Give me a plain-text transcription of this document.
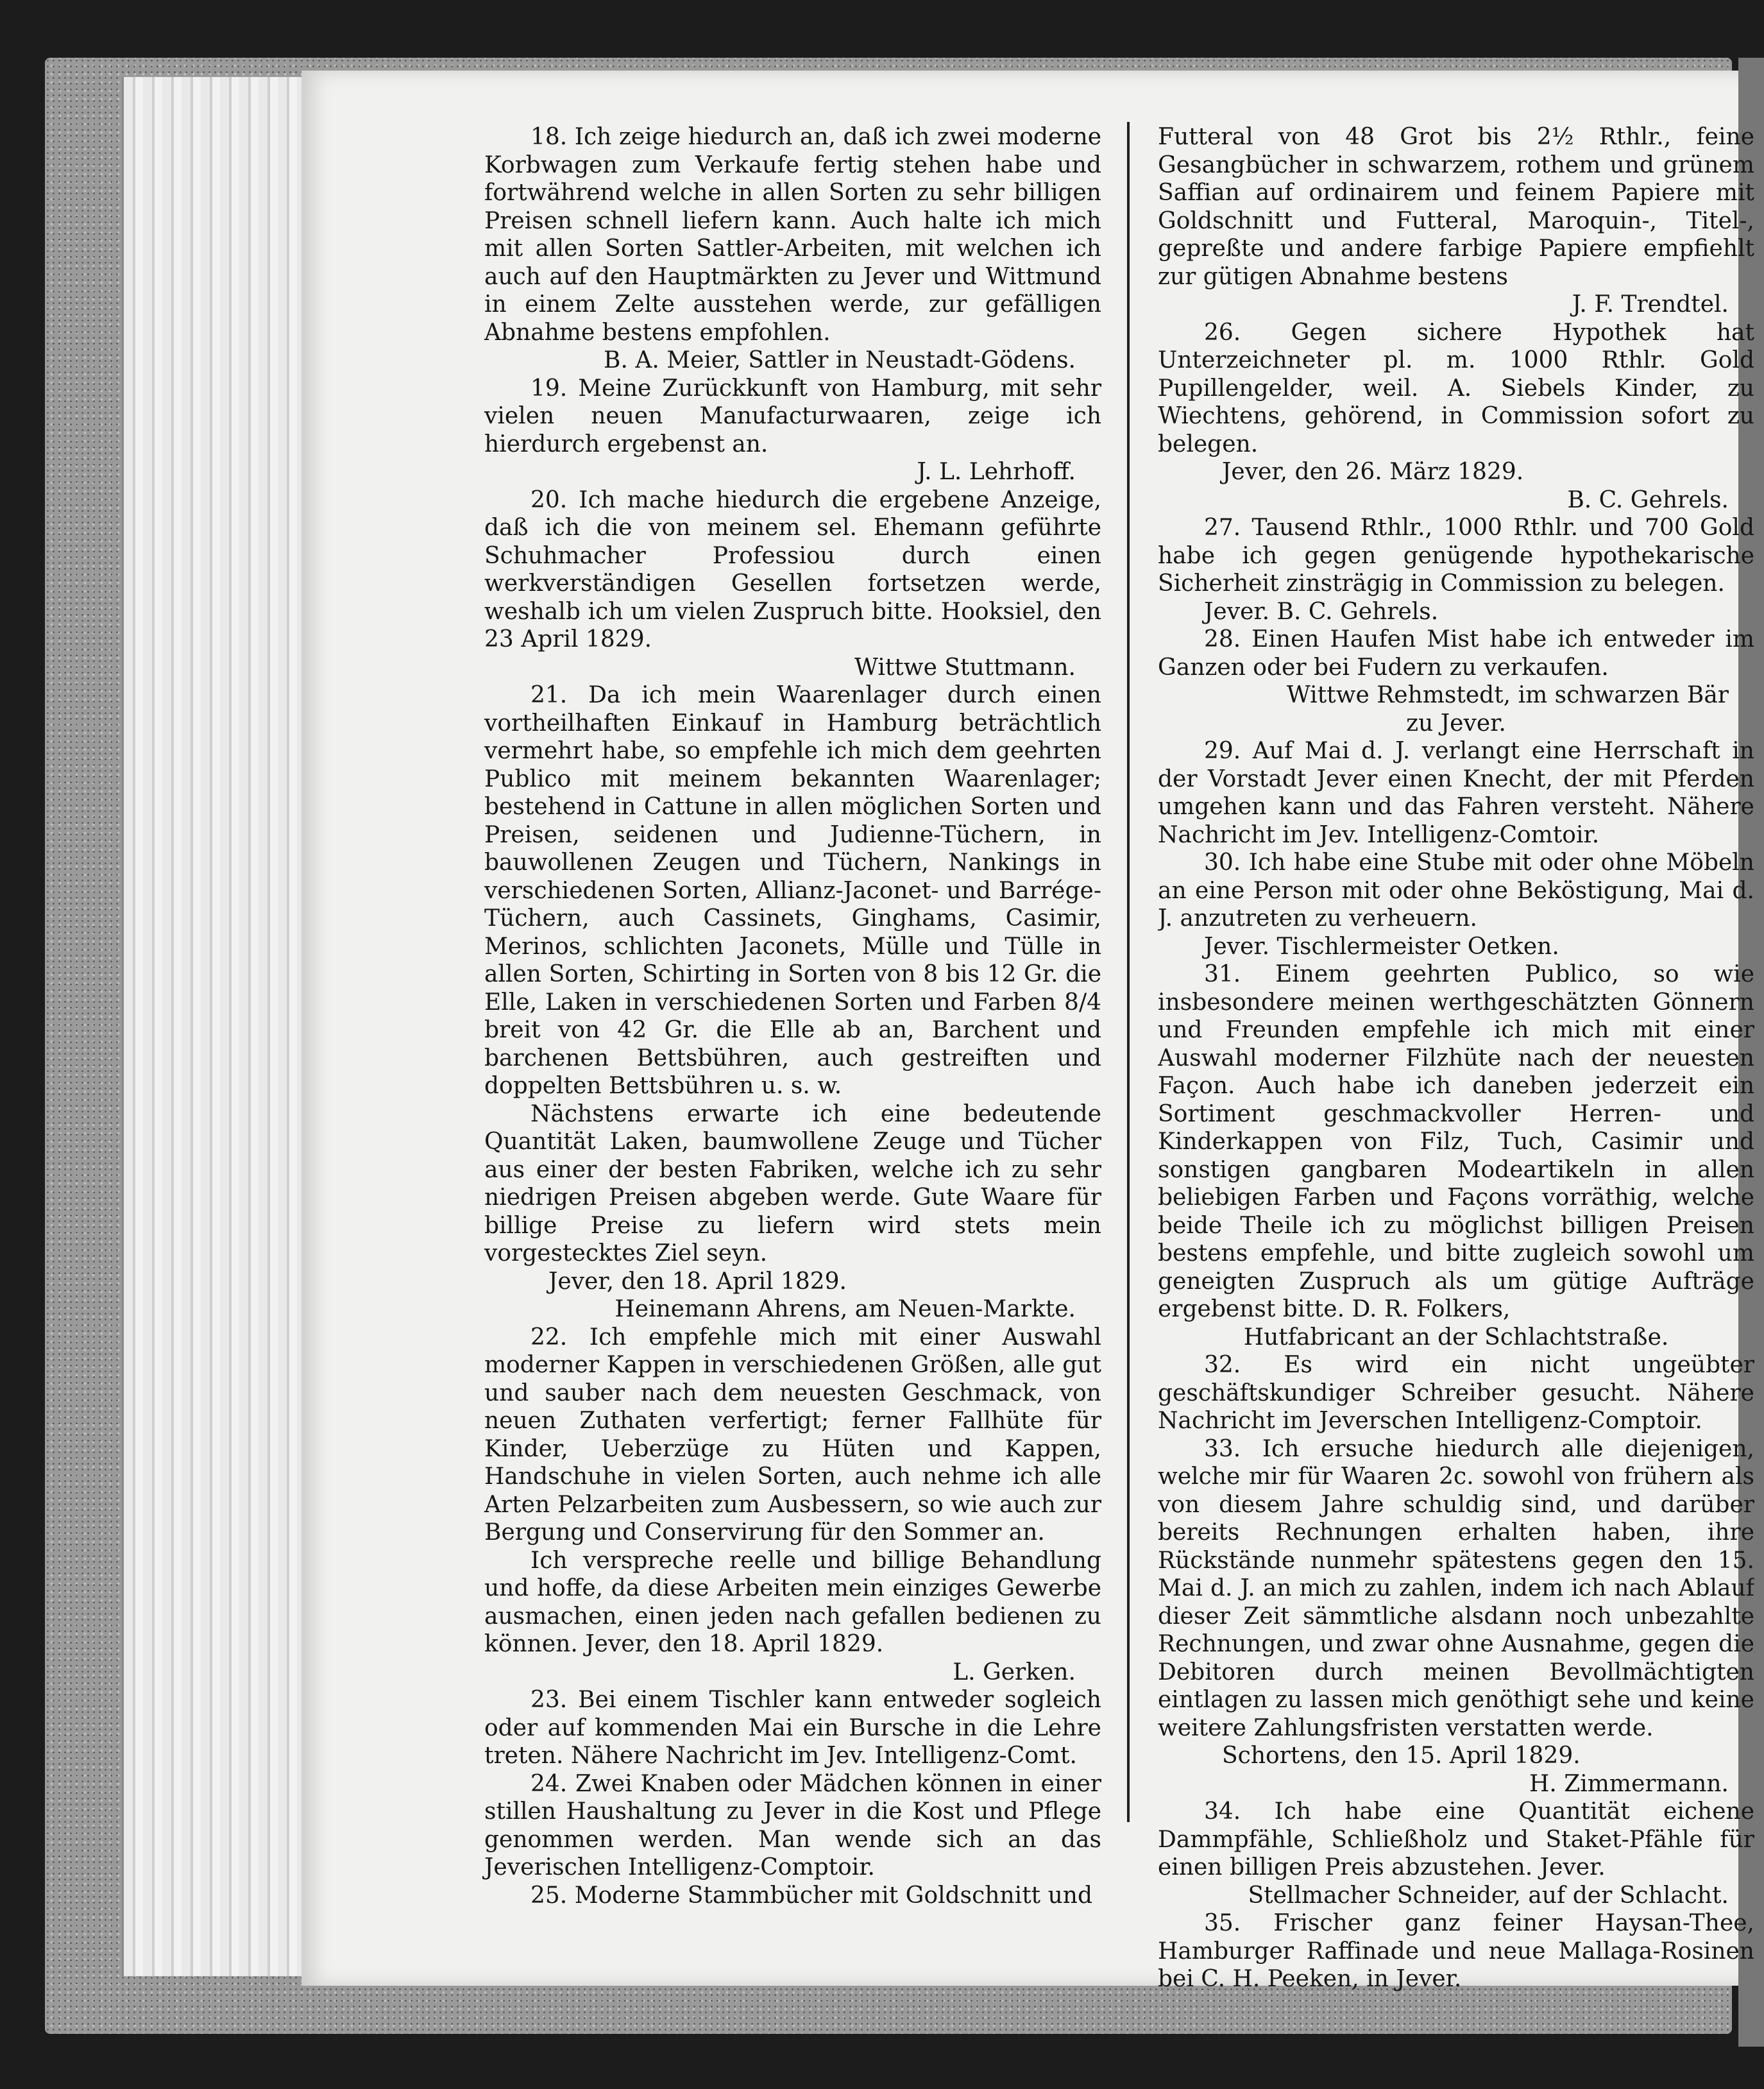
18. Ich zeige hiedurch an, daß ich zwei moderne Korbwagen zum Verkaufe fertig stehen habe und fortwährend welche in allen Sorten zu sehr billigen Preisen schnell liefern kann. Auch halte ich mich mit allen Sorten Sattler-Arbeiten, mit welchen ich auch auf den Hauptmärkten zu Jever und Wittmund in einem Zelte ausstehen werde, zur gefälligen Abnahme bestens empfohlen.
B. A. Meier, Sattler in Neustadt-Gödens.
19. Meine Zurückkunft von Hamburg, mit sehr vielen neuen Manufacturwaaren, zeige ich hierdurch ergebenst an.
J. L. Lehrhoff.
20. Ich mache hiedurch die ergebene Anzeige, daß ich die von meinem sel. Ehemann geführte Schuhmacher Professiou durch einen werkverständigen Gesellen fortsetzen werde, weshalb ich um vielen Zuspruch bitte. Hooksiel, den 23 April 1829.
Wittwe Stuttmann.
21. Da ich mein Waarenlager durch einen vortheilhaften Einkauf in Hamburg beträchtlich vermehrt habe, so empfehle ich mich dem geehrten Publico mit meinem bekannten Waarenlager; bestehend in Cattune in allen möglichen Sorten und Preisen, seidenen und Judienne-Tüchern, in bauwollenen Zeugen und Tüchern, Nankings in verschiedenen Sorten, Allianz-Jaconet- und Barrége-Tüchern, auch Cassinets, Ginghams, Casimir, Merinos, schlichten Jaconets, Mülle und Tülle in allen Sorten, Schirting in Sorten von 8 bis 12 Gr. die Elle, Laken in verschiedenen Sorten und Farben 8/4 breit von 42 Gr. die Elle ab an, Barchent und barchenen Bettsbühren, auch gestreiften und doppelten Bettsbühren u. s. w.
Nächstens erwarte ich eine bedeutende Quantität Laken, baumwollene Zeuge und Tücher aus einer der besten Fabriken, welche ich zu sehr niedrigen Preisen abgeben werde. Gute Waare für billige Preise zu liefern wird stets mein vorgestecktes Ziel seyn.
Jever, den 18. April 1829.
Heinemann Ahrens, am Neuen-Markte.
22. Ich empfehle mich mit einer Auswahl moderner Kappen in verschiedenen Größen, alle gut und sauber nach dem neuesten Geschmack, von neuen Zuthaten verfertigt; ferner Fallhüte für Kinder, Ueberzüge zu Hüten und Kappen, Handschuhe in vielen Sorten, auch nehme ich alle Arten Pelzarbeiten zum Ausbessern, so wie auch zur Bergung und Conservirung für den Sommer an.
Ich verspreche reelle und billige Behandlung und hoffe, da diese Arbeiten mein einziges Gewerbe ausmachen, einen jeden nach gefallen bedienen zu können. Jever, den 18. April 1829.
L. Gerken.
23. Bei einem Tischler kann entweder sogleich oder auf kommenden Mai ein Bursche in die Lehre treten. Nähere Nachricht im Jev. Intelligenz-Comt.
24. Zwei Knaben oder Mädchen können in einer stillen Haushaltung zu Jever in die Kost und Pflege genommen werden. Man wende sich an das Jeverischen Intelligenz-Comptoir.
25. Moderne Stammbücher mit Goldschnitt und
Futteral von 48 Grot bis 2½ Rthlr., feine Gesangbücher in schwarzem, rothem und grünem Saffian auf ordinairem und feinem Papiere mit Goldschnitt und Futteral, Maroquin-, Titel-, gepreßte und andere farbige Papiere empfiehlt zur gütigen Abnahme bestens
J. F. Trendtel.
26. Gegen sichere Hypothek hat Unterzeichneter pl. m. 1000 Rthlr. Gold Pupillengelder, weil. A. Siebels Kinder, zu Wiechtens, gehörend, in Commission sofort zu belegen.
Jever, den 26. März 1829.
B. C. Gehrels.
27. Tausend Rthlr., 1000 Rthlr. und 700 Gold habe ich gegen genügende hypothekarische Sicherheit zinsträgig in Commission zu belegen.
Jever. B. C. Gehrels.
28. Einen Haufen Mist habe ich entweder im Ganzen oder bei Fudern zu verkaufen.
Wittwe Rehmstedt, im schwarzen Bär
zu Jever.
29. Auf Mai d. J. verlangt eine Herrschaft in der Vorstadt Jever einen Knecht, der mit Pferden umgehen kann und das Fahren versteht. Nähere Nachricht im Jev. Intelligenz-Comtoir.
30. Ich habe eine Stube mit oder ohne Möbeln an eine Person mit oder ohne Beköstigung, Mai d. J. anzutreten zu verheuern.
Jever. Tischlermeister Oetken.
31. Einem geehrten Publico, so wie insbesondere meinen werthgeschätzten Gönnern und Freunden empfehle ich mich mit einer Auswahl moderner Filzhüte nach der neuesten Façon. Auch habe ich daneben jederzeit ein Sortiment geschmackvoller Herren- und Kinderkappen von Filz, Tuch, Casimir und sonstigen gangbaren Modeartikeln in allen beliebigen Farben und Façons vorräthig, welche beide Theile ich zu möglichst billigen Preisen bestens empfehle, und bitte zugleich sowohl um geneigten Zuspruch als um gütige Aufträge ergebenst bitte. D. R. Folkers,
Hutfabricant an der Schlachtstraße.
32. Es wird ein nicht ungeübter geschäftskundiger Schreiber gesucht. Nähere Nachricht im Jeverschen Intelligenz-Comptoir.
33. Ich ersuche hiedurch alle diejenigen, welche mir für Waaren 2c. sowohl von frühern als von diesem Jahre schuldig sind, und darüber bereits Rechnungen erhalten haben, ihre Rückstände nunmehr spätestens gegen den 15. Mai d. J. an mich zu zahlen, indem ich nach Ablauf dieser Zeit sämmtliche alsdann noch unbezahlte Rechnungen, und zwar ohne Ausnahme, gegen die Debitoren durch meinen Bevollmächtigten eintlagen zu lassen mich genöthigt sehe und keine weitere Zahlungsfristen verstatten werde.
Schortens, den 15. April 1829.
H. Zimmermann.
34. Ich habe eine Quantität eichene Dammpfähle, Schließholz und Staket-Pfähle für einen billigen Preis abzustehen. Jever.
Stellmacher Schneider, auf der Schlacht.
35. Frischer ganz feiner Haysan-Thee, Hamburger Raffinade und neue Mallaga-Rosinen bei C. H. Peeken, in Jever.
